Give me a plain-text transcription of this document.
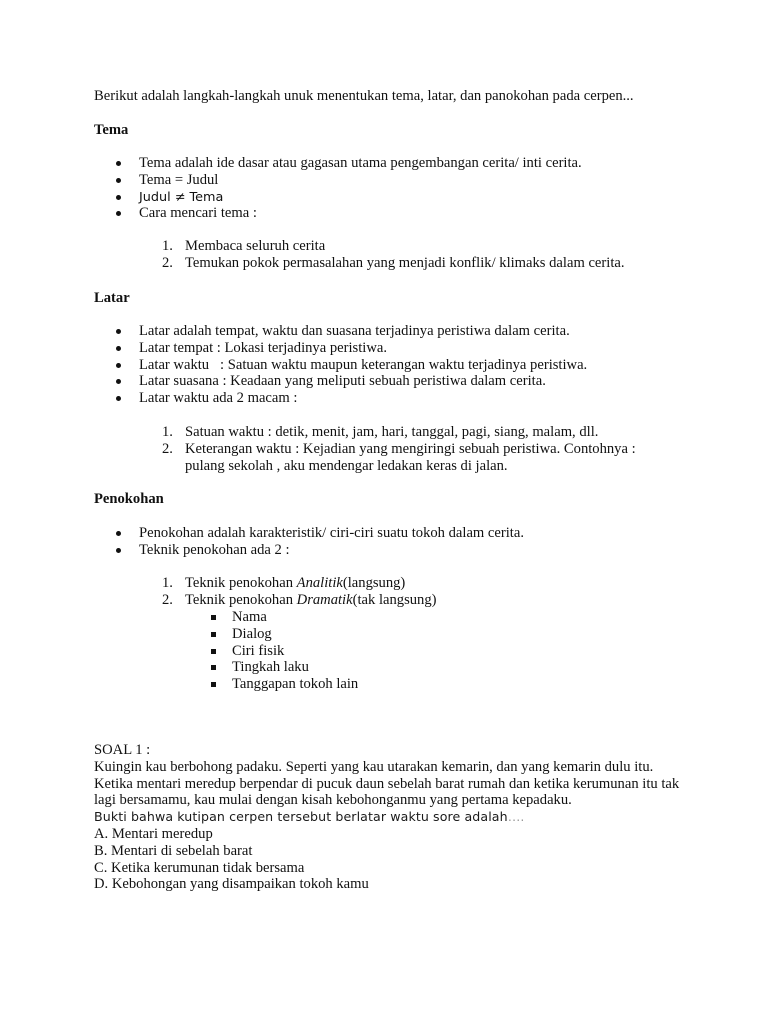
Berikut adalah langkah-langkah unuk menentukan tema, latar, dan panokohan pada cerpen...
Tema
Tema adalah ide dasar atau gagasan utama pengembangan cerita/ inti cerita.
Tema = Judul
Judul ≠ Tema
Cara mencari tema :
1. Membaca seluruh cerita
2. Temukan pokok permasalahan yang menjadi konflik/ klimaks dalam cerita.
Latar
Latar adalah tempat, waktu dan suasana terjadinya peristiwa dalam cerita.
Latar tempat : Lokasi terjadinya peristiwa.
Latar waktu   : Satuan waktu maupun keterangan waktu terjadinya peristiwa.
Latar suasana : Keadaan yang meliputi sebuah peristiwa dalam cerita.
Latar waktu ada 2 macam :
1. Satuan waktu : detik, menit, jam, hari, tanggal, pagi, siang, malam, dll.
2. Keterangan waktu : Kejadian yang mengiringi sebuah peristiwa. Contohnya : pulang sekolah , aku mendengar ledakan keras di jalan.
Penokohan
Penokohan adalah karakteristik/ ciri-ciri suatu tokoh dalam cerita.
Teknik penokohan ada 2 :
1. Teknik penokohan Analitik(langsung)
2. Teknik penokohan Dramatik(tak langsung)
Nama
Dialog
Ciri fisik
Tingkah laku
Tanggapan tokoh lain

SOAL 1 :

Kuingin kau berbohong padaku. Seperti yang kau utarakan kemarin, dan yang kemarin dulu itu. Ketika mentari meredup berpendar di pucuk daun sebelah barat rumah dan ketika kerumunan itu tak lagi bersamamu, kau mulai dengan kisah kebohonganmu yang pertama kepadaku.

Bukti bahwa kutipan cerpen tersebut berlatar waktu sore adalah….

A. Mentari meredup

B. Mentari di sebelah barat

C. Ketika kerumunan tidak bersama

D. Kebohongan yang disampaikan tokoh kamu
